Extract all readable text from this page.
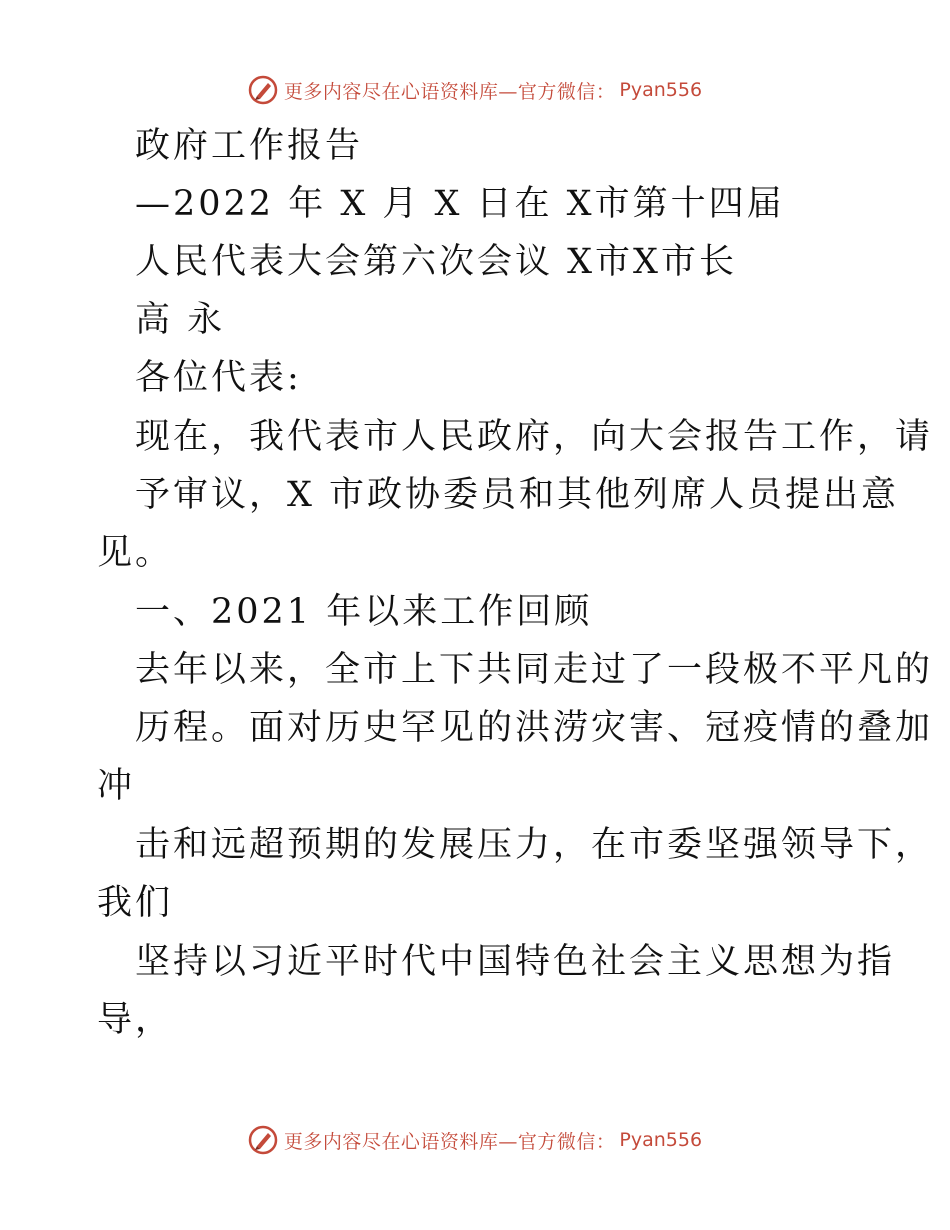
更多内容尽在心语资料库—官方微信： Pyan556
政府工作报告
—2022 年 X 月 X 日在 X市第十四届
人民代表大会第六次会议 X市X市长
高 永
各位代表:
现在，我代表市人民政府，向大会报告工作，请
予审议，X 市政协委员和其他列席人员提出意
见。
一、2021 年以来工作回顾
去年以来，全市上下共同走过了一段极不平凡的
历程。面对历史罕见的洪涝灾害、冠疫情的叠加
冲
击和远超预期的发展压力，在市委坚强领导下，
我们
坚持以习近平时代中国特色社会主义思想为指
导，
更多内容尽在心语资料库—官方微信： Pyan556
